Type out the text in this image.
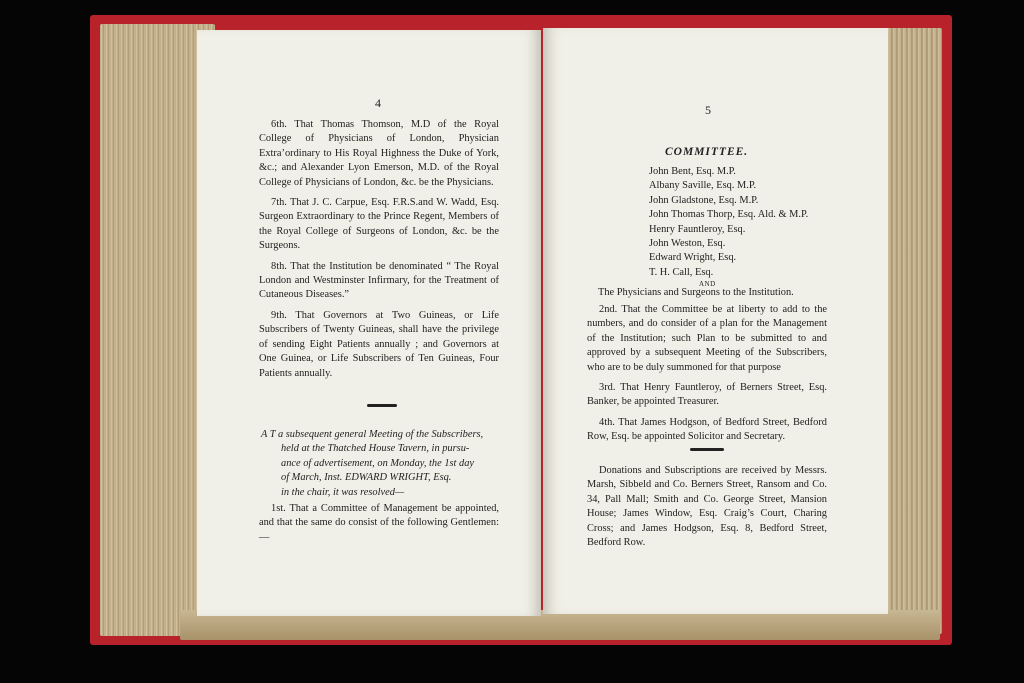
4

6th. That Thomas Thomson, M.D of the Royal College of Physicians of London, Physician Extra’ordinary to His Royal Highness the Duke of York, &c.; and Alexander Lyon Emerson, M.D. of the Royal College of Physicians of London, &c. be the Physicians.

7th. That J. C. Carpue, Esq. F.R.S.and W. Wadd, Esq. Surgeon Extraordinary to the Prince Regent, Members of the Royal College of Surgeons of London, &c. be the Surgeons.

8th. That the Institution be denominated “ The Royal London and Westminster Infirmary, for the Treatment of Cutaneous Diseases.”

9th. That Governors at Two Guineas, or Life Subscribers of Twenty Guineas, shall have the privilege of sending Eight Patients annually ; and Governors at One Guinea, or Life Subscribers of Ten Guineas, Four Patients annually.

A T a subsequent general Meeting of the Subscribers,
held at the Thatched House Tavern, in pursu-
ance of advertisement, on Monday, the 1st day
of March, Inst. EDWARD WRIGHT, Esq.
in the chair, it was resolved—

1st. That a Committee of Management be appointed, and that the same do consist of the following Gentlemen:—

5
COMMITTEE.
John Bent, Esq. M.P.
Albany Saville, Esq. M.P.
John Gladstone, Esq. M.P.
John Thomas Thorp, Esq. Ald. & M.P.
Henry Fauntleroy, Esq.
John Weston, Esq.
Edward Wright, Esq.
T. H. Call, Esq.
AND
The Physicians and Surgeons to the Institution.

2nd. That the Committee be at liberty to add to the numbers, and do consider of a plan for the Management of the Institution; such Plan to be submitted to and approved by a subsequent Meeting of the Subscribers, who are to be duly summoned for that purpose

3rd. That Henry Fauntleroy, of Berners Street, Esq. Banker, be appointed Treasurer.

4th. That James Hodgson, of Bedford Street, Bedford Row, Esq. be appointed Solicitor and Secretary.

Donations and Subscriptions are received by Messrs. Marsh, Sibbeld and Co. Berners Street, Ransom and Co. 34, Pall Mall; Smith and Co. George Street, Mansion House; James Window, Esq. Craig’s Court, Charing Cross; and James Hodgson, Esq. 8, Bedford Street, Bedford Row.
